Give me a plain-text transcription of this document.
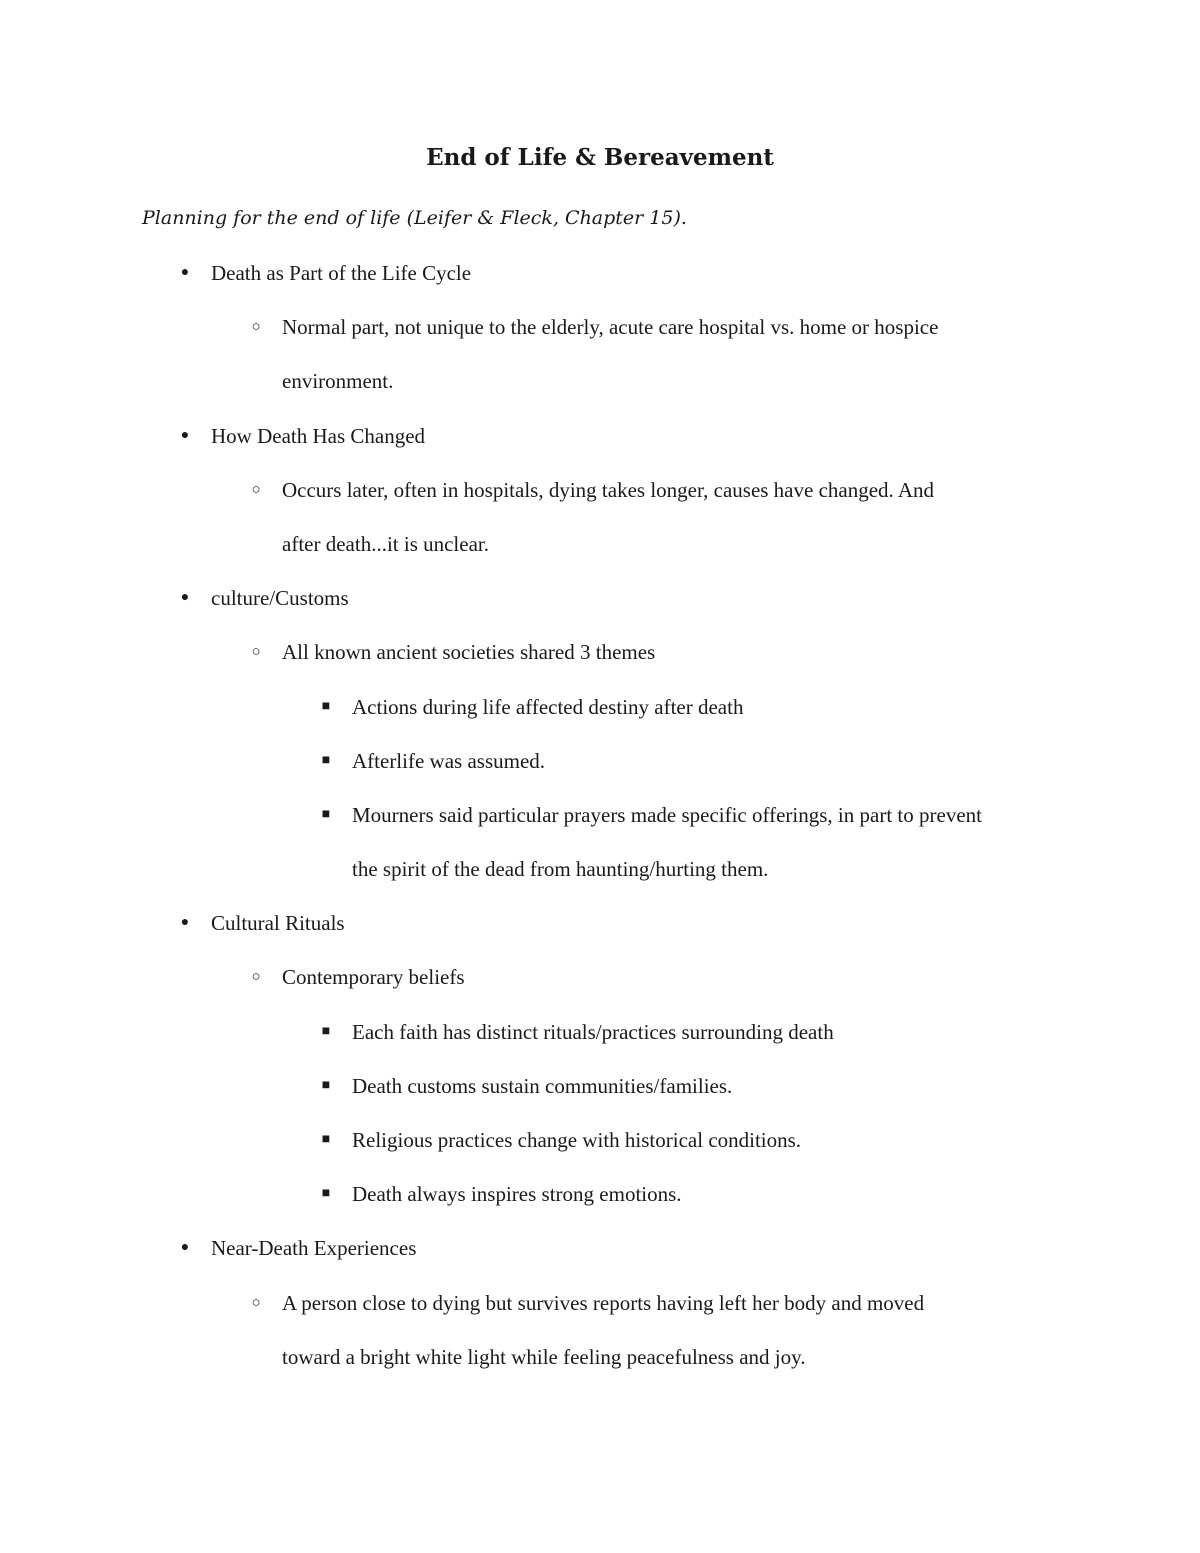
End of Life & Bereavement
Planning for the end of life (Leifer & Fleck, Chapter 15).
● Death as Part of the Life Cycle
○ Normal part, not unique to the elderly, acute care hospital vs. home or hospice
environment.
● How Death Has Changed
○ Occurs later, often in hospitals, dying takes longer, causes have changed. And
after death...it is unclear.
● culture/Customs
○ All known ancient societies shared 3 themes
■ Actions during life affected destiny after death
■ Afterlife was assumed.
■ Mourners said particular prayers made specific offerings, in part to prevent
the spirit of the dead from haunting/hurting them.
● Cultural Rituals
○ Contemporary beliefs
■ Each faith has distinct rituals/practices surrounding death
■ Death customs sustain communities/families.
■ Religious practices change with historical conditions.
■ Death always inspires strong emotions.
● Near-Death Experiences
○ A person close to dying but survives reports having left her body and moved
toward a bright white light while feeling peacefulness and joy.
